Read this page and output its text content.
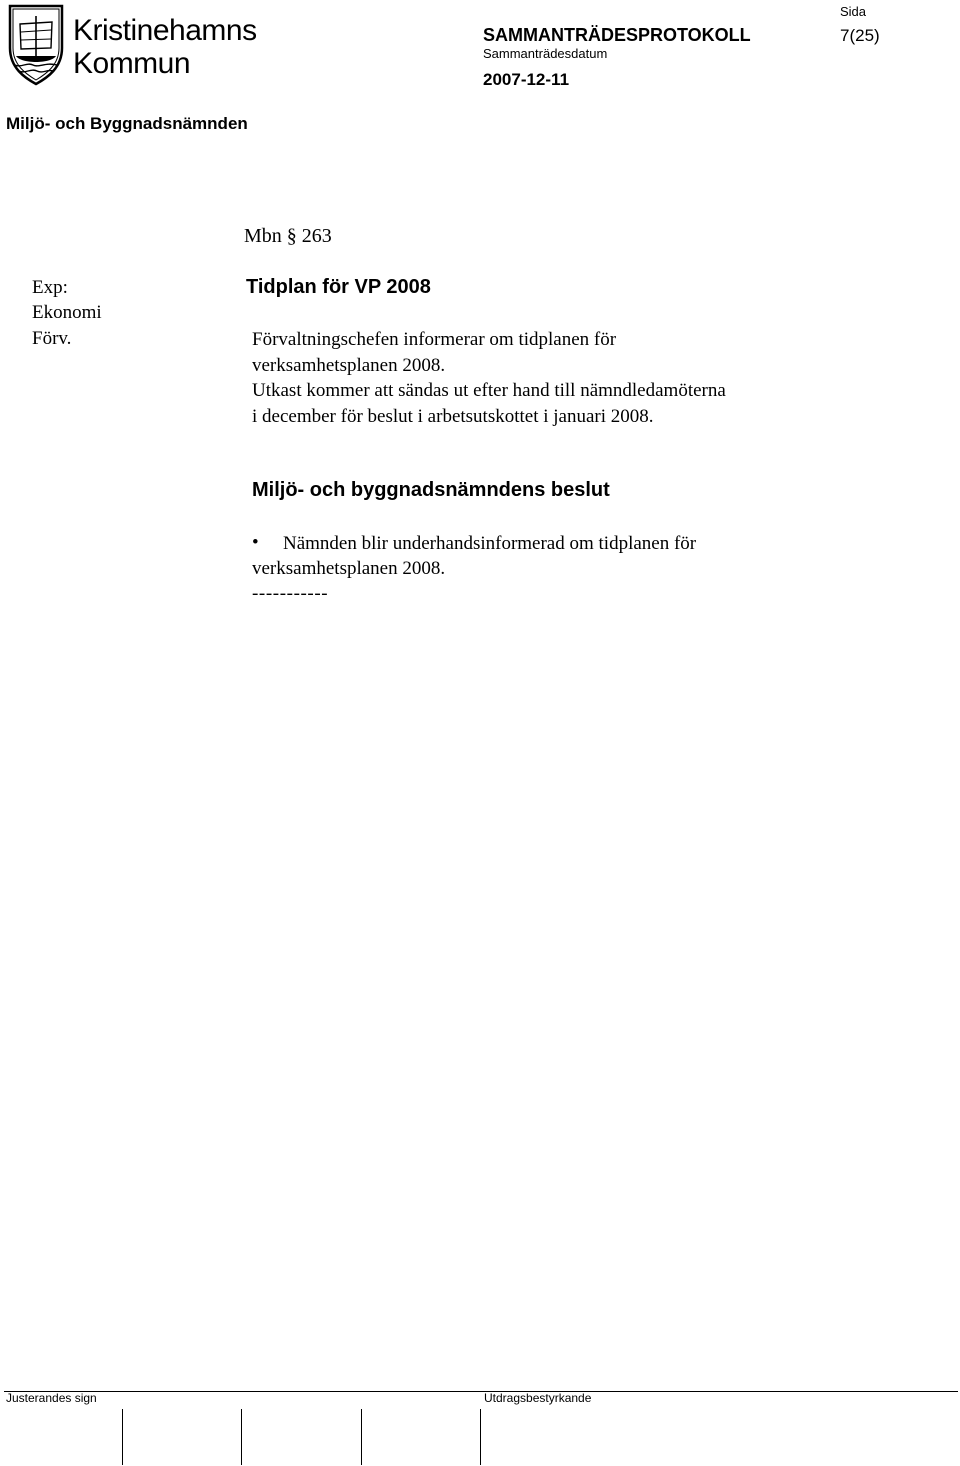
Kristinehamns
Kommun
Sida
7(25)
SAMMANTRÄDESPROTOKOLL
Sammanträdesdatum
2007-12-11
Miljö- och Byggnadsnämnden
Mbn § 263
Exp:
Ekonomi
Förv.
Tidplan för VP 2008
Förvaltningschefen informerar om tidplanen för
verksamhetsplanen 2008.
Utkast kommer att sändas ut efter hand till nämndledamöterna
i december för beslut i arbetsutskottet i januari 2008.
Miljö- och byggnadsnämndens beslut
• Nämnden blir underhandsinformerad om tidplanen för
verksamhetsplanen 2008.
-----------
Justerandes sign	Utdragsbestyrkande
